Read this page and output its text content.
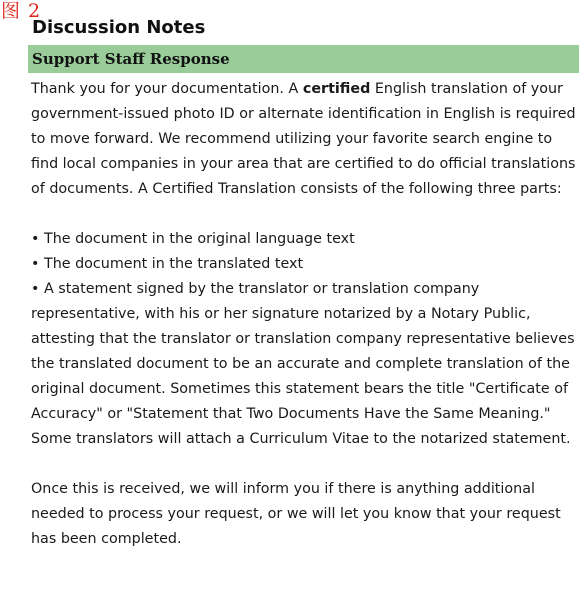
图 2
Discussion Notes
Support Staff Response

Thank you for your documentation. A certified English translation of your government-issued photo ID or alternate identification in English is required to move forward. We recommend utilizing your favorite search engine to find local companies in your area that are certified to do official translations of documents. A Certified Translation consists of the following three parts:

• The document in the original language text

• The document in the translated text

• A statement signed by the translator or translation company representative, with his or her signature notarized by a Notary Public, attesting that the translator or translation company representative believes the translated document to be an accurate and complete translation of the original document. Sometimes this statement bears the title "Certificate of Accuracy" or "Statement that Two Documents Have the Same Meaning." Some translators will attach a Curriculum Vitae to the notarized statement.

Once this is received, we will inform you if there is anything additional needed to process your request, or we will let you know that your request has been completed.
